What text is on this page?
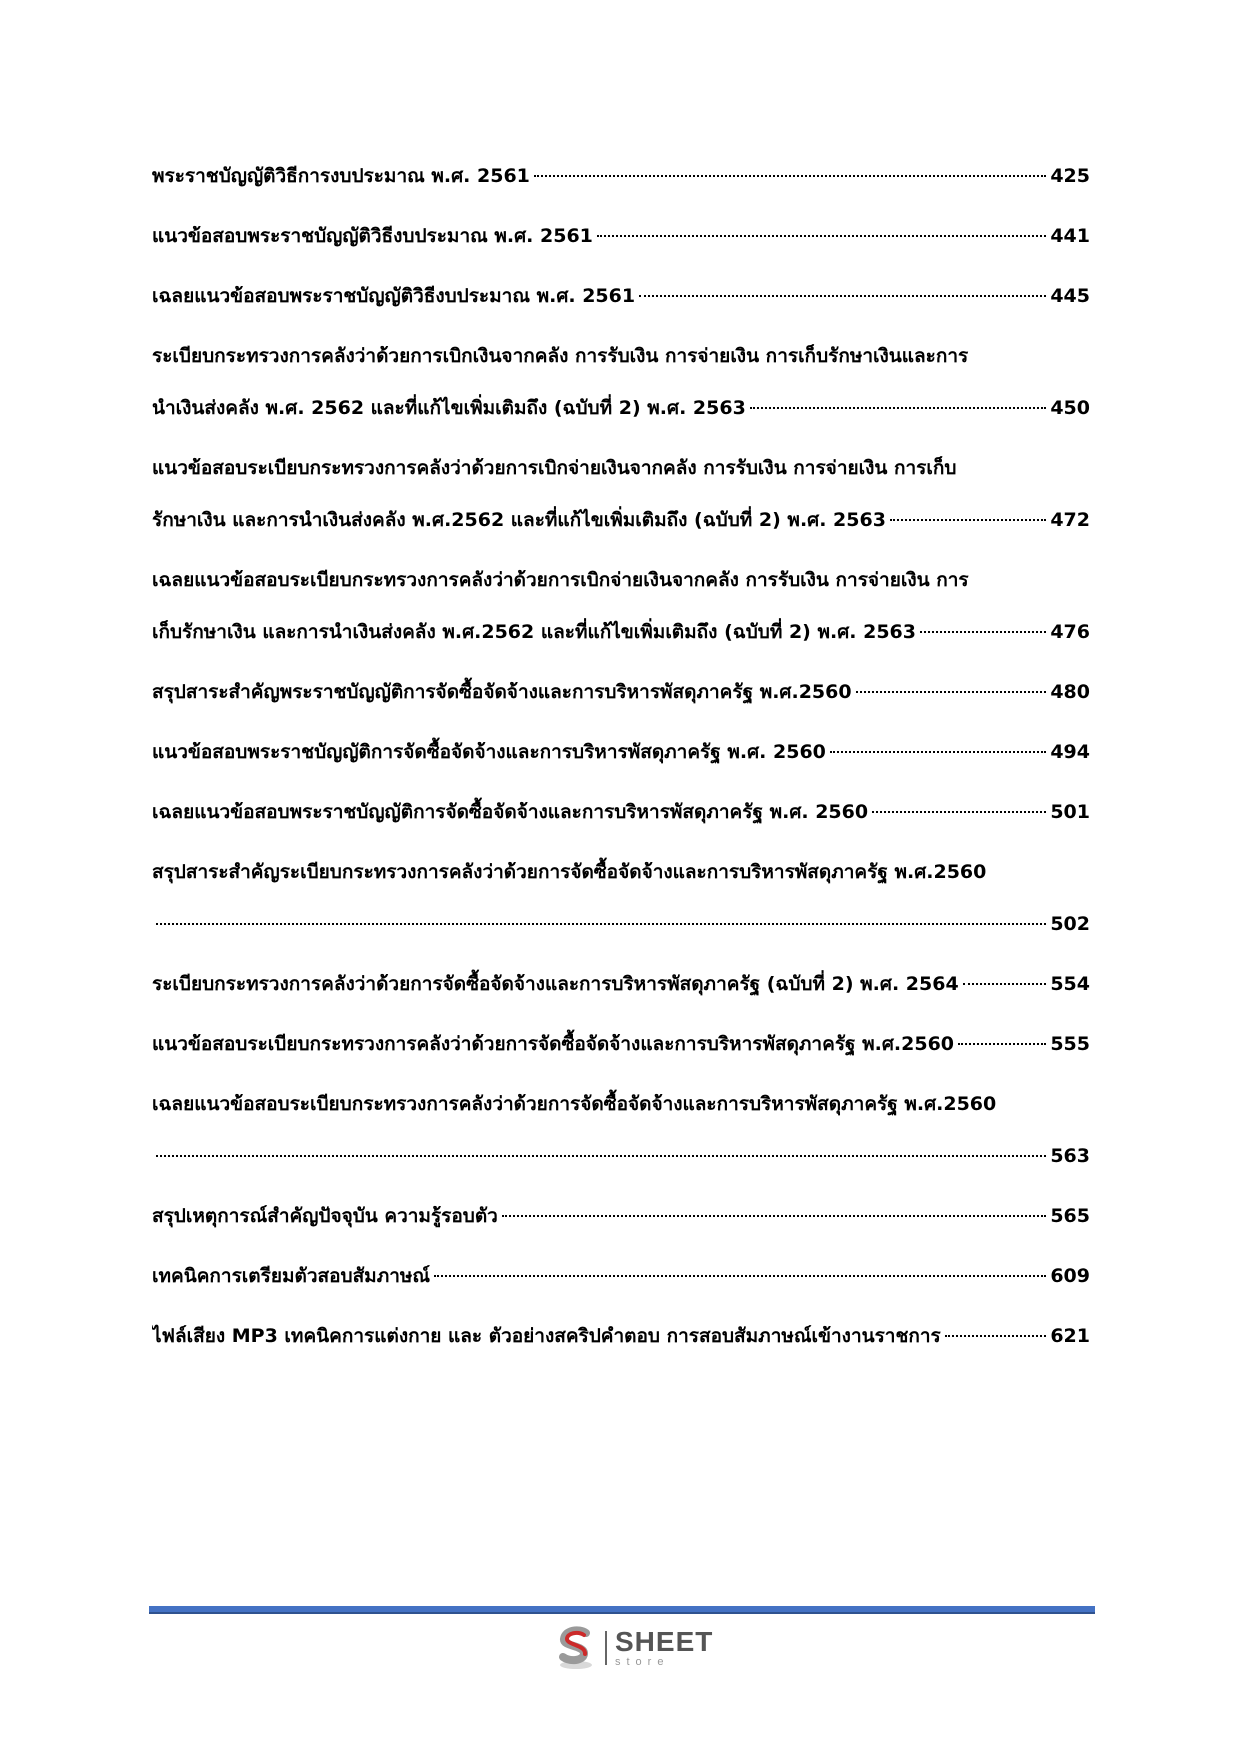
พระราชบัญญัติวิธีการงบประมาณ พ.ศ. 2561	425
แนวข้อสอบพระราชบัญญัติวิธีงบประมาณ พ.ศ. 2561	441
เฉลยแนวข้อสอบพระราชบัญญัติวิธีงบประมาณ พ.ศ. 2561	445
ระเบียบกระทรวงการคลังว่าด้วยการเบิกเงินจากคลัง การรับเงิน การจ่ายเงิน การเก็บรักษาเงินและการ
นำเงินส่งคลัง พ.ศ. 2562 และที่แก้ไขเพิ่มเติมถึง (ฉบับที่ 2) พ.ศ. 2563	450
แนวข้อสอบระเบียบกระทรวงการคลังว่าด้วยการเบิกจ่ายเงินจากคลัง การรับเงิน การจ่ายเงิน การเก็บ
รักษาเงิน และการนำเงินส่งคลัง พ.ศ.2562 และที่แก้ไขเพิ่มเติมถึง (ฉบับที่ 2) พ.ศ. 2563	472
เฉลยแนวข้อสอบระเบียบกระทรวงการคลังว่าด้วยการเบิกจ่ายเงินจากคลัง การรับเงิน การจ่ายเงิน การ
เก็บรักษาเงิน และการนำเงินส่งคลัง พ.ศ.2562 และที่แก้ไขเพิ่มเติมถึง (ฉบับที่ 2) พ.ศ. 2563	476
สรุปสาระสำคัญพระราชบัญญัติการจัดซื้อจัดจ้างและการบริหารพัสดุภาครัฐ พ.ศ.2560	480
แนวข้อสอบพระราชบัญญัติการจัดซื้อจัดจ้างและการบริหารพัสดุภาครัฐ พ.ศ. 2560	494
เฉลยแนวข้อสอบพระราชบัญญัติการจัดซื้อจัดจ้างและการบริหารพัสดุภาครัฐ พ.ศ. 2560	501
สรุปสาระสำคัญระเบียบกระทรวงการคลังว่าด้วยการจัดซื้อจัดจ้างและการบริหารพัสดุภาครัฐ พ.ศ.2560
502
ระเบียบกระทรวงการคลังว่าด้วยการจัดซื้อจัดจ้างและการบริหารพัสดุภาครัฐ (ฉบับที่ 2) พ.ศ. 2564	554
แนวข้อสอบระเบียบกระทรวงการคลังว่าด้วยการจัดซื้อจัดจ้างและการบริหารพัสดุภาครัฐ พ.ศ.2560	555
เฉลยแนวข้อสอบระเบียบกระทรวงการคลังว่าด้วยการจัดซื้อจัดจ้างและการบริหารพัสดุภาครัฐ พ.ศ.2560
563
สรุปเหตุการณ์สำคัญปัจจุบัน ความรู้รอบตัว	565
เทคนิคการเตรียมตัวสอบสัมภาษณ์	609
ไฟล์เสียง MP3 เทคนิคการแต่งกาย และ ตัวอย่างสคริปคำตอบ การสอบสัมภาษณ์เข้างานราชการ	621
SHEET
store
